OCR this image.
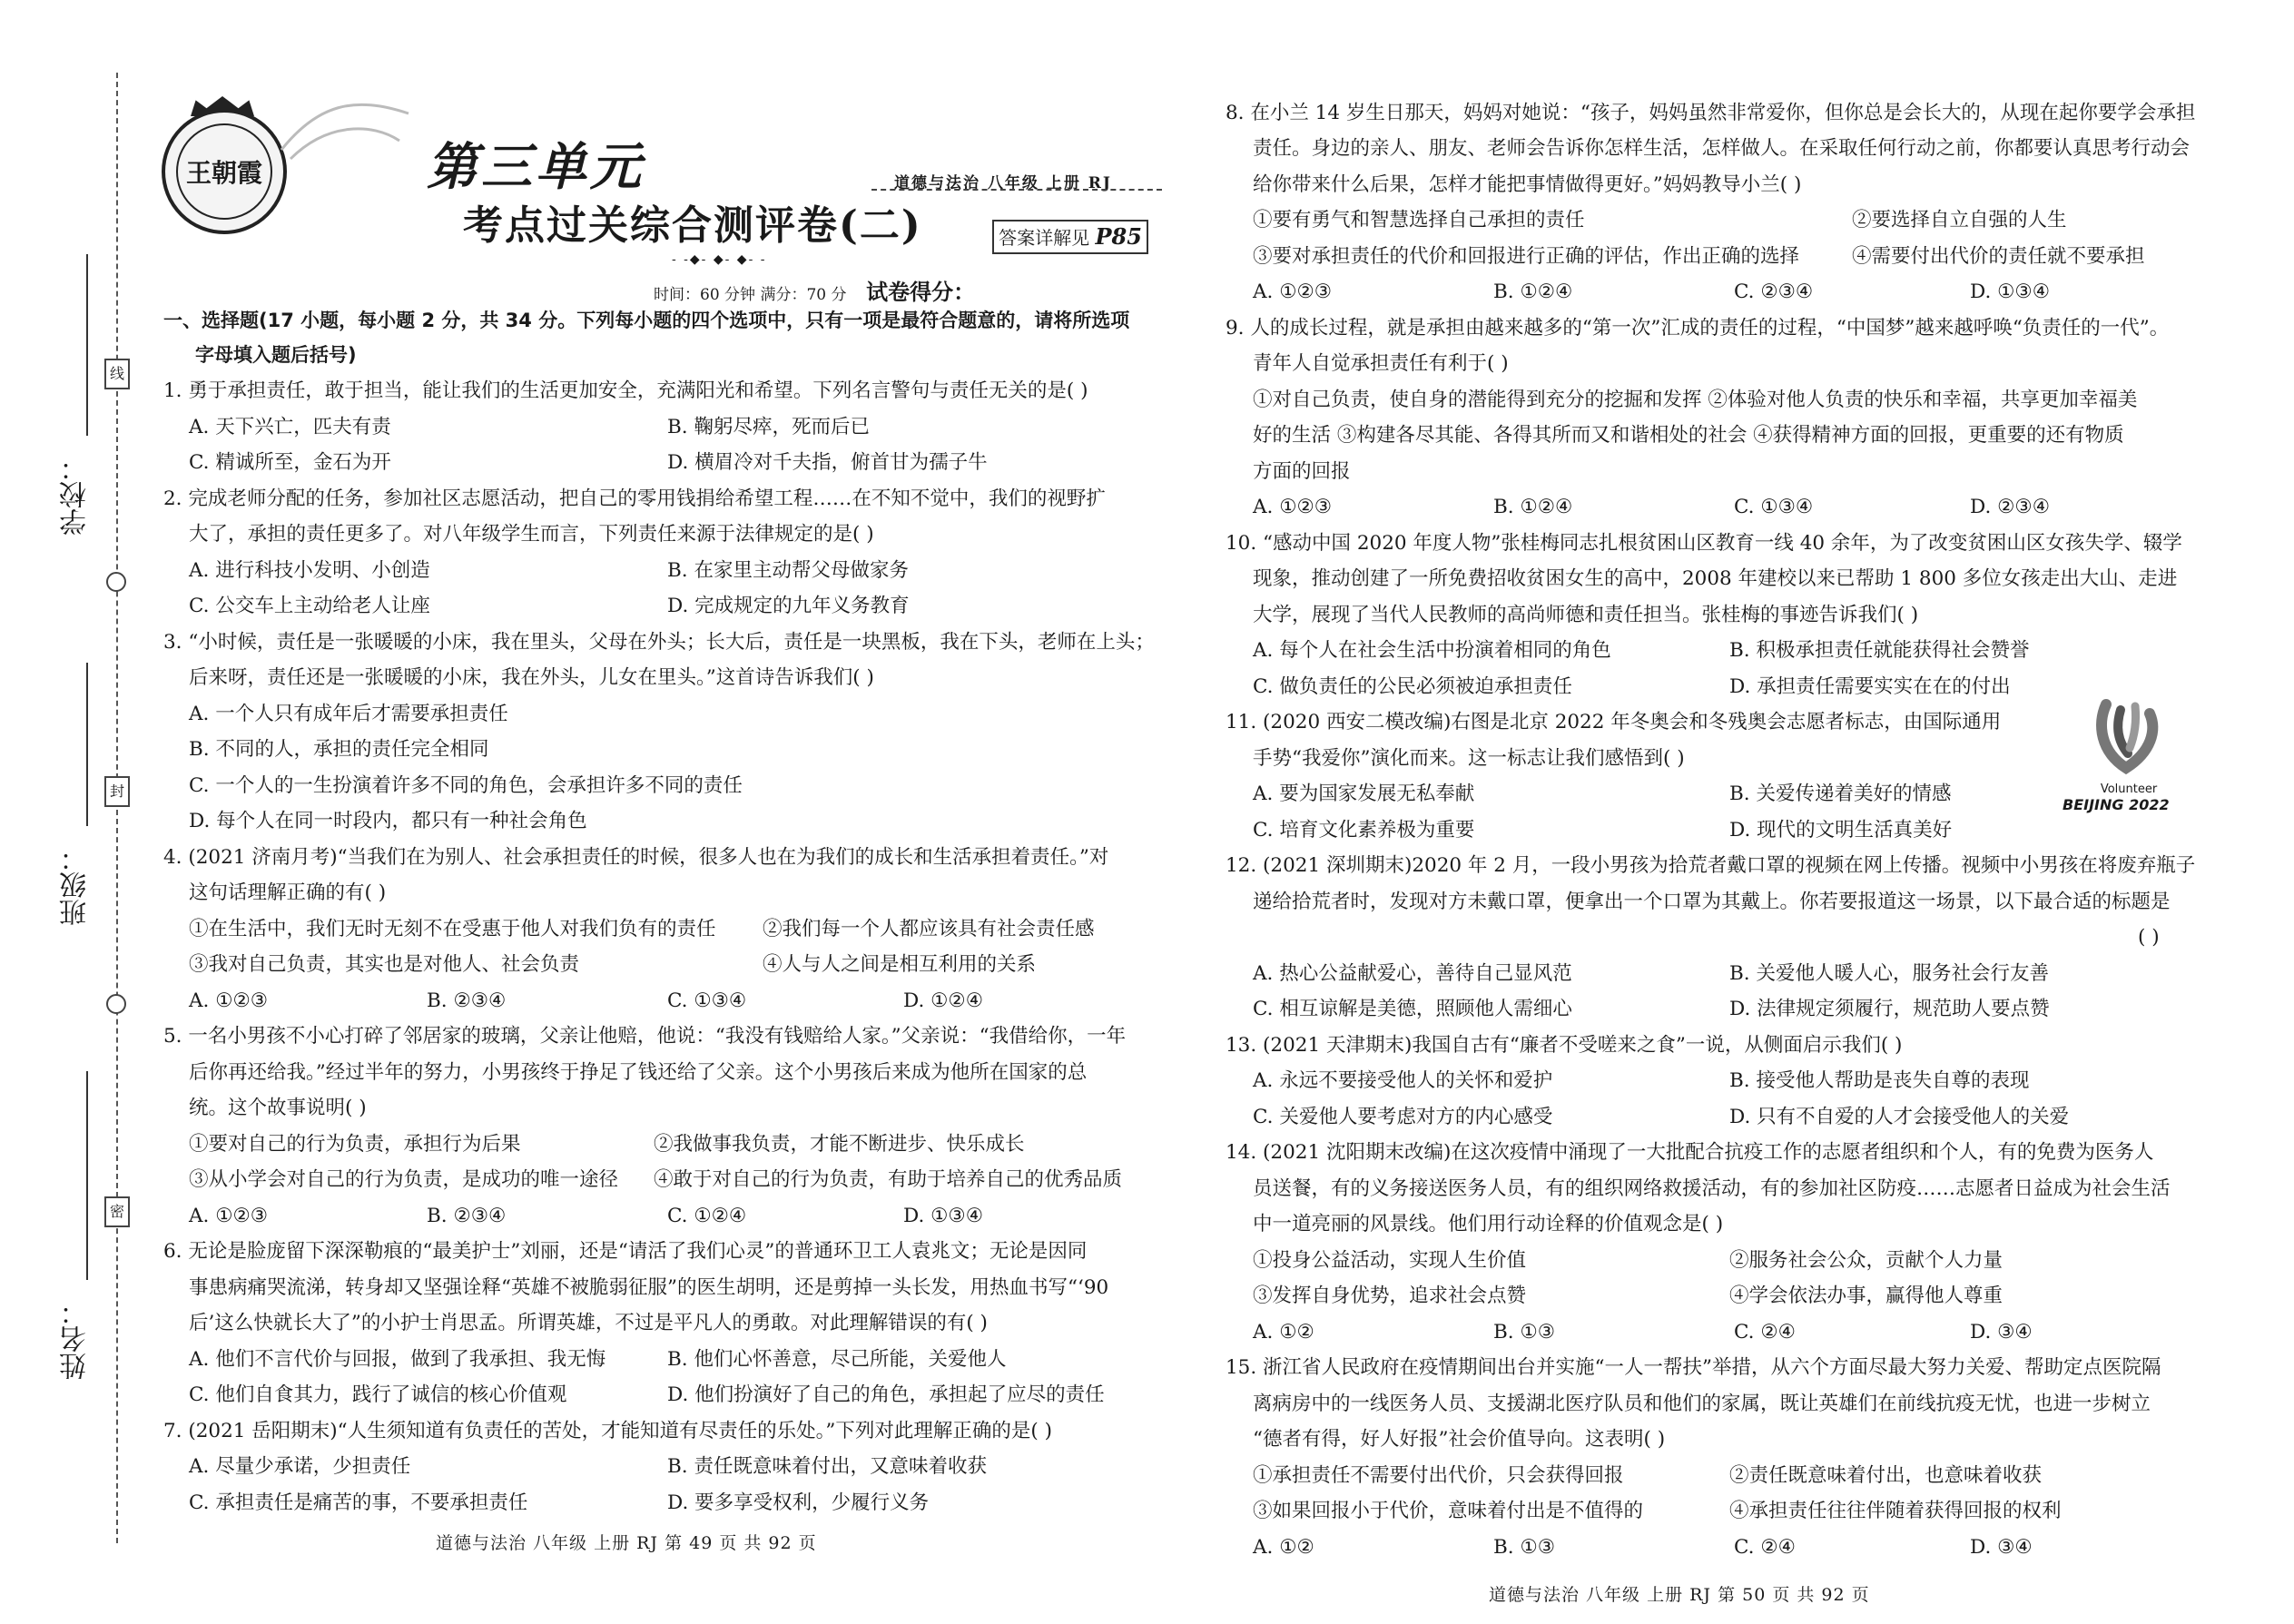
学校：
班级：
姓名：
线
封
密
王朝霞	第三单元
考点过关综合测评卷(二)
道德与法治 八年级 上册 RJ
答案详解见 P85
- -◆- ◆- ◆- -
时间：60 分钟 满分：70 分 试卷得分：
一、选择题(17 小题，每小题 2 分，共 34 分。下列每小题的四个选项中，只有一项是最符合题意的，请将所选项
字母填入题后括号)
1. 勇于承担责任，敢于担当，能让我们的生活更加安全，充满阳光和希望。下列名言警句与责任无关的是( )
A. 天下兴亡，匹夫有责	B. 鞠躬尽瘁，死而后已
C. 精诚所至，金石为开	D. 横眉冷对千夫指，俯首甘为孺子牛
2. 完成老师分配的任务，参加社区志愿活动，把自己的零用钱捐给希望工程……在不知不觉中，我们的视野扩
大了，承担的责任更多了。对八年级学生而言，下列责任来源于法律规定的是( )
A. 进行科技小发明、小创造	B. 在家里主动帮父母做家务
C. 公交车上主动给老人让座	D. 完成规定的九年义务教育
3. “小时候，责任是一张暖暖的小床，我在里头，父母在外头；长大后，责任是一块黑板，我在下头，老师在上头；
后来呀，责任还是一张暖暖的小床，我在外头，儿女在里头。”这首诗告诉我们( )
A. 一个人只有成年后才需要承担责任
B. 不同的人，承担的责任完全相同
C. 一个人的一生扮演着许多不同的角色，会承担许多不同的责任
D. 每个人在同一时段内，都只有一种社会角色
4. (2021 济南月考)“当我们在为别人、社会承担责任的时候，很多人也在为我们的成长和生活承担着责任。”对
这句话理解正确的有( )
①在生活中，我们无时无刻不在受惠于他人对我们负有的责任 ②我们每一个人都应该具有社会责任感
③我对自己负责，其实也是对他人、社会负责	④人与人之间是相互利用的关系
A. ①②③	B. ②③④	C. ①③④	D. ①②④
5. 一名小男孩不小心打碎了邻居家的玻璃，父亲让他赔，他说：“我没有钱赔给人家。”父亲说：“我借给你，一年
后你再还给我。”经过半年的努力，小男孩终于挣足了钱还给了父亲。这个小男孩后来成为他所在国家的总
统。这个故事说明( )
①要对自己的行为负责，承担行为后果	②我做事我负责，才能不断进步、快乐成长
③从小学会对自己的行为负责，是成功的唯一途径 ④敢于对自己的行为负责，有助于培养自己的优秀品质
A. ①②③	B. ②③④	C. ①②④	D. ①③④
6. 无论是脸庞留下深深勒痕的“最美护士”刘丽，还是“请活了我们心灵”的普通环卫工人袁兆文；无论是因同
事患病痛哭流涕，转身却又坚强诠释“英雄不被脆弱征服”的医生胡明，还是剪掉一头长发，用热血书写“‘90
后’这么快就长大了”的小护士肖思孟。所谓英雄，不过是平凡人的勇敢。对此理解错误的有( )
A. 他们不言代价与回报，做到了我承担、我无悔	B. 他们心怀善意，尽己所能，关爱他人
C. 他们自食其力，践行了诚信的核心价值观	D. 他们扮演好了自己的角色，承担起了应尽的责任
7. (2021 岳阳期末)“人生须知道有负责任的苦处，才能知道有尽责任的乐处。”下列对此理解正确的是( )
A. 尽量少承诺，少担责任	B. 责任既意味着付出，又意味着收获
C. 承担责任是痛苦的事，不要承担责任	D. 要多享受权利，少履行义务
道德与法治 八年级 上册 RJ 第 49 页 共 92 页
8. 在小兰 14 岁生日那天，妈妈对她说：“孩子，妈妈虽然非常爱你，但你总是会长大的，从现在起你要学会承担
责任。身边的亲人、朋友、老师会告诉你怎样生活，怎样做人。在采取任何行动之前，你都要认真思考行动会
给你带来什么后果，怎样才能把事情做得更好。”妈妈教导小兰( )
①要有勇气和智慧选择自己承担的责任	②要选择自立自强的人生
③要对承担责任的代价和回报进行正确的评估，作出正确的选择	④需要付出代价的责任就不要承担
A. ①②③	B. ①②④	C. ②③④	D. ①③④
9. 人的成长过程，就是承担由越来越多的“第一次”汇成的责任的过程，“中国梦”越来越呼唤“负责任的一代”。
青年人自觉承担责任有利于( )
①对自己负责，使自身的潜能得到充分的挖掘和发挥 ②体验对他人负责的快乐和幸福，共享更加幸福美
好的生活 ③构建各尽其能、各得其所而又和谐相处的社会 ④获得精神方面的回报，更重要的还有物质
方面的回报
A. ①②③	B. ①②④	C. ①③④	D. ②③④
10. “感动中国 2020 年度人物”张桂梅同志扎根贫困山区教育一线 40 余年，为了改变贫困山区女孩失学、辍学
现象，推动创建了一所免费招收贫困女生的高中，2008 年建校以来已帮助 1 800 多位女孩走出大山、走进
大学，展现了当代人民教师的高尚师德和责任担当。张桂梅的事迹告诉我们( )
A. 每个人在社会生活中扮演着相同的角色	B. 积极承担责任就能获得社会赞誉
C. 做负责任的公民必须被迫承担责任	D. 承担责任需要实实在在的付出
11. (2020 西安二模改编)右图是北京 2022 年冬奥会和冬残奥会志愿者标志，由国际通用
手势“我爱你”演化而来。这一标志让我们感悟到( )
A. 要为国家发展无私奉献	B. 关爱传递着美好的情感
C. 培育文化素养极为重要	D. 现代的文明生活真美好
Volunteer
BEIJING 2022
12. (2021 深圳期末)2020 年 2 月，一段小男孩为拾荒者戴口罩的视频在网上传播。视频中小男孩在将废弃瓶子
递给拾荒者时，发现对方未戴口罩，便拿出一个口罩为其戴上。你若要报道这一场景，以下最合适的标题是
( )
A. 热心公益献爱心，善待自己显风范	B. 关爱他人暖人心，服务社会行友善
C. 相互谅解是美德，照顾他人需细心	D. 法律规定须履行，规范助人要点赞
13. (2021 天津期末)我国自古有“廉者不受嗟来之食”一说，从侧面启示我们( )
A. 永远不要接受他人的关怀和爱护	B. 接受他人帮助是丧失自尊的表现
C. 关爱他人要考虑对方的内心感受	D. 只有不自爱的人才会接受他人的关爱
14. (2021 沈阳期末改编)在这次疫情中涌现了一大批配合抗疫工作的志愿者组织和个人，有的免费为医务人
员送餐，有的义务接送医务人员，有的组织网络救援活动，有的参加社区防疫……志愿者日益成为社会生活
中一道亮丽的风景线。他们用行动诠释的价值观念是( )
①投身公益活动，实现人生价值	②服务社会公众，贡献个人力量
③发挥自身优势，追求社会点赞	④学会依法办事，赢得他人尊重
A. ①②	B. ①③	C. ②④	D. ③④
15. 浙江省人民政府在疫情期间出台并实施“一人一帮扶”举措，从六个方面尽最大努力关爱、帮助定点医院隔
离病房中的一线医务人员、支援湖北医疗队员和他们的家属，既让英雄们在前线抗疫无忧，也进一步树立
“德者有得，好人好报”社会价值导向。这表明( )
①承担责任不需要付出代价，只会获得回报	②责任既意味着付出，也意味着收获
③如果回报小于代价，意味着付出是不值得的	④承担责任往往伴随着获得回报的权利
A. ①②	B. ①③	C. ②④	D. ③④
道德与法治 八年级 上册 RJ 第 50 页 共 92 页
